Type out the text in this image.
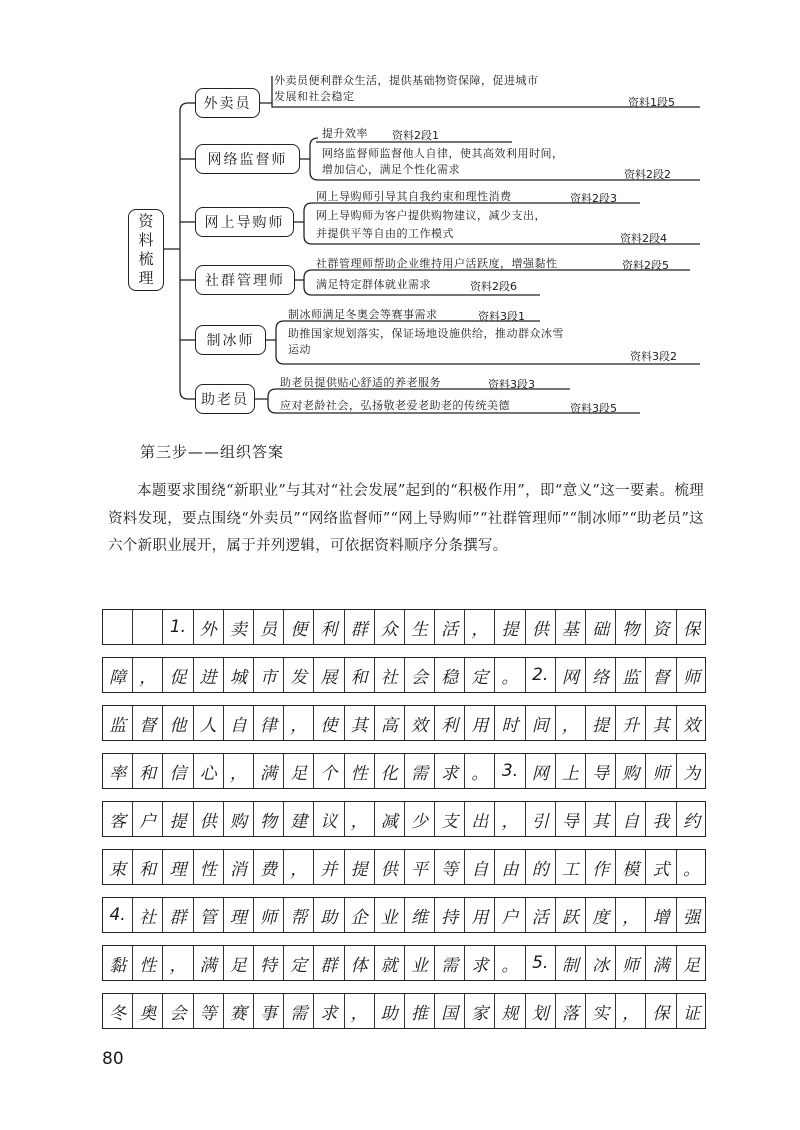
资料梳理
外卖员
外卖员便利群众生活，提供基础物资保障，促进城市
发展和社会稳定	资料1段5
网络监督师
提升效率 资料2段1
网络监督师监督他人自律，使其高效利用时间，
增加信心，满足个性化需求	资料2段2
网上导购师
网上导购师引导其自我约束和理性消费	资料2段3
网上导购师为客户提供购物建议，减少支出，
并提供平等自由的工作模式	资料2段4
社群管理师
社群管理师帮助企业维持用户活跃度，增强黏性	资料2段5
满足特定群体就业需求	资料2段6
制冰师
制冰师满足冬奥会等赛事需求	资料3段1
助推国家规划落实，保证场地设施供给，推动群众冰雪
运动
资料3段2
助老员
助老员提供贴心舒适的养老服务	资料3段3
应对老龄社会，弘扬敬老爱老助老的传统美德	资料3段5
第三步——组织答案
本题要求围绕“新职业”与其对“社会发展”起到的“积极作用”，即“意义”这一要素。梳理资料发现，要点围绕“外卖员”“网络监督师”“网上导购师”“社群管理师”“制冰师”“助老员”这六个新职业展开，属于并列逻辑，可依据资料顺序分条撰写。
1. 外 卖 员 便 利 群 众 生 活 ， 提 供 基 础 物 资 保
障 ， 促 进 城 市 发 展 和 社 会 稳 定 。 2. 网 络 监 督 师
监 督 他 人 自 律 ， 使 其 高 效 利 用 时 间 ， 提 升 其 效
率 和 信 心 ， 满 足 个 性 化 需 求 。 3. 网 上 导 购 师 为
客 户 提 供 购 物 建 议 ， 减 少 支 出 ， 引 导 其 自 我 约
束 和 理 性 消 费 ， 并 提 供 平 等 自 由 的 工 作 模 式 。
4. 社 群 管 理 师 帮 助 企 业 维 持 用 户 活 跃 度 ， 增 强
黏 性 ， 满 足 特 定 群 体 就 业 需 求 。 5. 制 冰 师 满 足
冬 奥 会 等 赛 事 需 求 ， 助 推 国 家 规 划 落 实 ， 保 证
80
